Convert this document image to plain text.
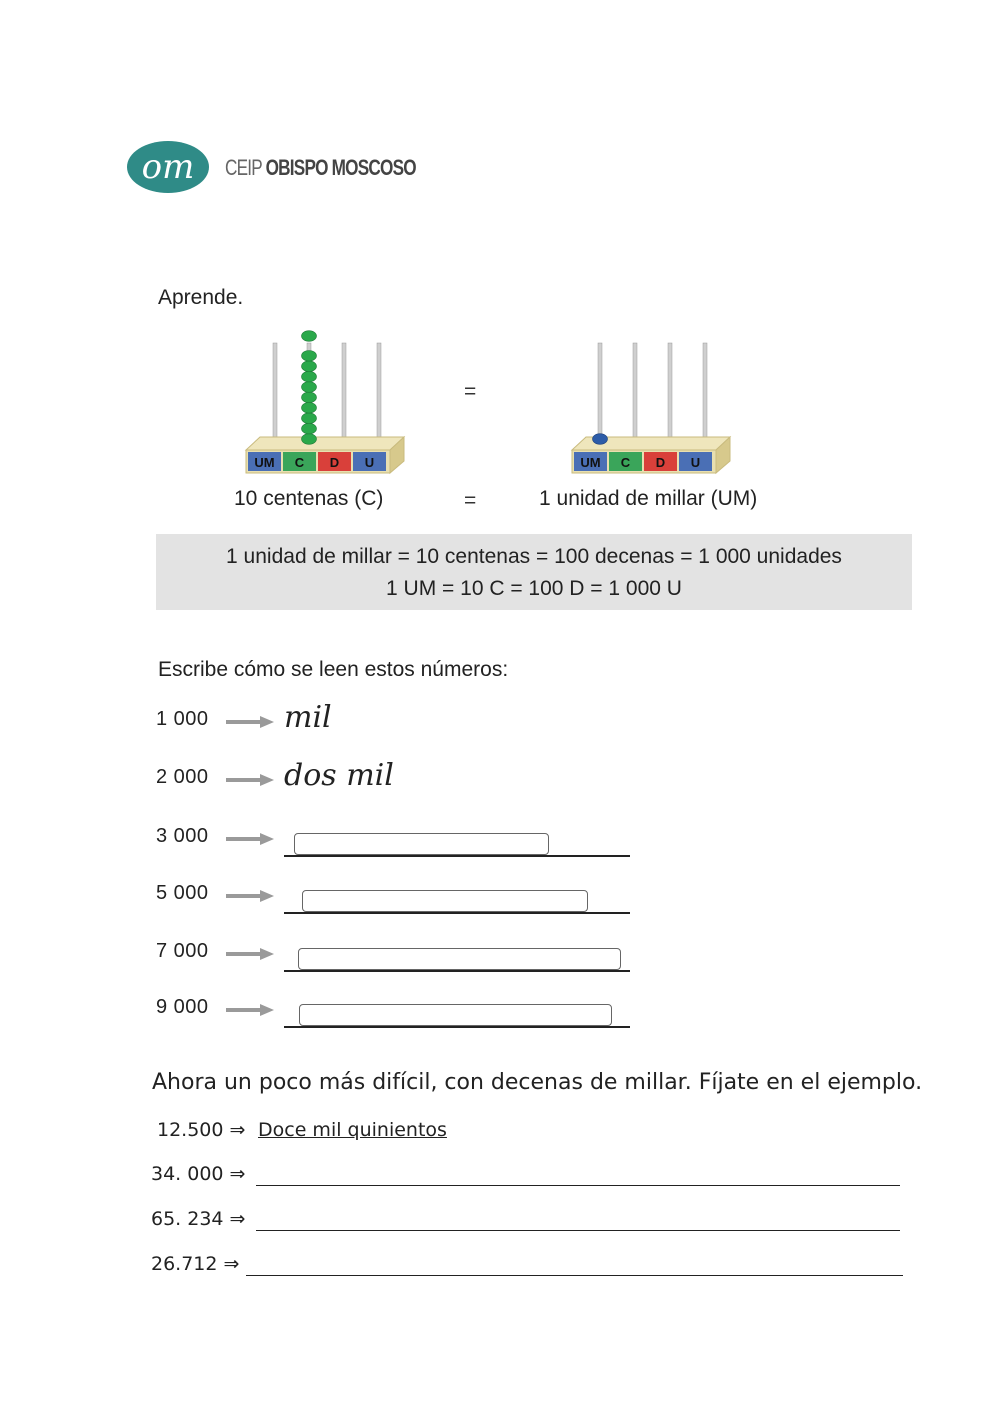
om CEIP OBISPO MOSCOSO
Aprende.
UM C D U
=
UM C D U
10 centenas (C)	=	1 unidad de millar (UM)
1 unidad de millar = 10 centenas = 100 decenas = 1 000 unidades
1 UM = 10 C = 100 D = 1 000 U
Escribe cómo se leen estos números:
1 000	mil
2 000	dos mil
3 000
5 000
7 000
9 000
Ahora un poco más difícil, con decenas de millar. Fíjate en el ejemplo.
12.500 ⇒ Doce mil quinientos
34. 000 ⇒
65. 234 ⇒
26.712 ⇒
